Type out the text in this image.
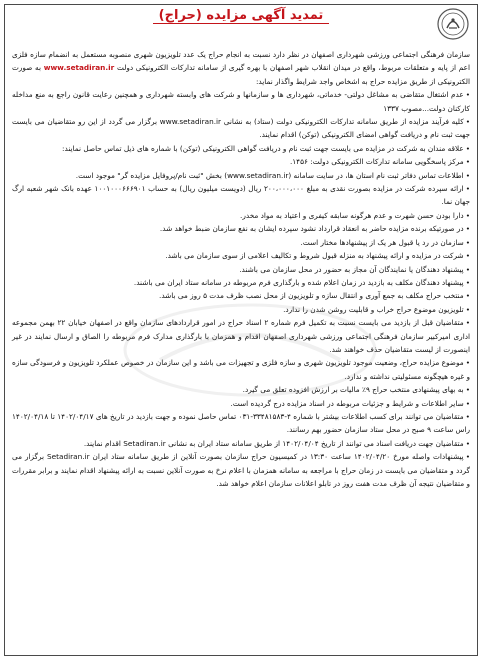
تمدید آگهی مزایده (حراج)

سازمان فرهنگی اجتماعی ورزشی شهرداری اصفهان در نظر دارد نسبت به انجام حراج یک عدد تلویزیون شهری منصوبه مستعمل به انضمام سازه فلزی اعم از پایه و متعلقات مربوط، واقع در میدان انقلاب شهر اصفهان با بهره گیری از سامانه تدارکات الکترونیکی دولت www.setadiran.ir به صورت الکترونیکی از طریق مزایده حراج به اشخاص واجد شرایط واگذار نماید:

• عدم اشتغال متقاضی به مشاغل دولتی- خدماتی، شهرداری ها و سازمانها و شرکت های وابسته شهرداری و همچنین رعایت قانون راجع به منع مداخله کارکنان دولت...مصوب ۱۳۳۷

• کلیه فرآیند مزایده از طریق سامانه تدارکات الکترونیکی دولت (ستاد) به نشانی www.setadiran.ir برگزار می گردد از این رو متقاضیان می بایست جهت ثبت نام و دریافت گواهی امضای الکترونیکی (توکن) اقدام نمایند.

• علاقه مندان به شرکت در مزایده می بایست جهت ثبت نام و دریافت گواهی الکترونیکی (توکن) با شماره های ذیل تماس حاصل نمایند:

• مرکز پاسخگویی سامانه تدارکات الکترونیکی دولت: ۱۴۵۶.

• اطلاعات تماس دفاتر ثبت نام استان ها، در سایت سامانه (www.setadiran.ir) بخش "ثبت نام/پروفایل مزایده گر" موجود است.

• ارائه سپرده شرکت در مزایده بصورت نقدی به مبلغ ۲۰۰،۰۰۰،۰۰۰ ریال (دویست میلیون ریال) به حساب ۱۰۰۱۰۰۰۶۶۶۹۰۱ عهده بانک شهر شعبه ارگ جهان نما.

• دارا بودن حسن شهرت و عدم هرگونه سابقه کیفری و اعتیاد به مواد مخدر.

• در صورتیکه برنده مزایده حاضر به انعقاد قرارداد نشود سپرده ایشان به نفع سازمان ضبط خواهد شد.

• سازمان در رد یا قبول هر یک از پیشنهادها مختار است.

• شرکت در مزایده و ارائه پیشنهاد به منزله قبول شروط و تکالیف اعلامی از سوی سازمان می باشد.

• پیشنهاد دهندگان یا نمایندگان آن مجاز به حضور در محل سازمان می باشند.

• پیشنهاد دهندگان مکلف به بازدید در زمان اعلام شده و بارگذاری فرم مربوطه در سامانه ستاد ایران می باشند.

• منتخب حراج مکلف به جمع آوری و انتقال سازه و تلویزیون از محل نصب ظرف مدت ۵ روز می باشد.

• تلویزیون موضوع حراج خراب و قابلیت روشن شدن را ندارد.

• متقاضیان قبل از بازدید می بایست نسبت به تکمیل فرم شماره ۲ اسناد حراج در امور قراردادهای سازمان واقع در اصفهان خیابان ۲۲ بهمن مجموعه اداری امیرکبیر سازمان فرهنگی اجتماعی ورزشی شهرداری اصفهان اقدام و همزمان با بارگذاری مدارک فرم مربوطه را الصاق و ارسال نمایند در غیر اینصورت از لیست متقاضیان حذف خواهند شد.

• موضوع مزایده حراج، وضعیت موجود تلویزیون شهری و سازه فلزی و تجهیزات می باشد و این سازمان در خصوص عملکرد تلویزیون و فرسودگی سازه و غیره هیچگونه مسئولیتی نداشته و ندارد.

• به بهای پیشنهادی منتخب حراج ۹٪ مالیات بر ارزش افزوده تعلق می گیرد.

• سایر اطلاعات و شرایط و جزئیات مربوطه در اسناد مزایده درج گردیده است.

• متقاضیان می توانند برای کسب اطلاعات بیشتر با شماره ۴-۳۳۴۸۱۵۸۳-۰۳۱ تماس حاصل نموده و جهت بازدید در تاریخ های ۱۴۰۲/۰۴/۱۷ تا ۱۴۰۲/۰۴/۱۸ راس ساعت ۹ صبح در محل ستاد سازمان حضور بهم رسانند.

• متقاضیان جهت دریافت اسناد می توانند از تاریخ ۱۴۰۲/۰۴/۰۴ از طریق سامانه ستاد ایران به نشانی Setadiran.ir اقدام نمایند.

• پیشنهادات واصله مورخ ۱۴۰۲/۰۴/۲۰ ساعت ۱۳:۳۰ در کمیسیون حراج سازمان بصورت آنلاین از طریق سامانه ستاد ایران Setadiran.ir برگزار می گردد و متقاضیان می بایست در زمان حراج با مراجعه به سامانه همزمان با اعلام نرخ به صورت آنلاین نسبت به ارائه پیشنهاد اقدام نمایند و برابر مقررات و متقاضیان نتیجه آن ظرف مدت هفت روز در تابلو اعلانات سازمان اعلام خواهد شد.
